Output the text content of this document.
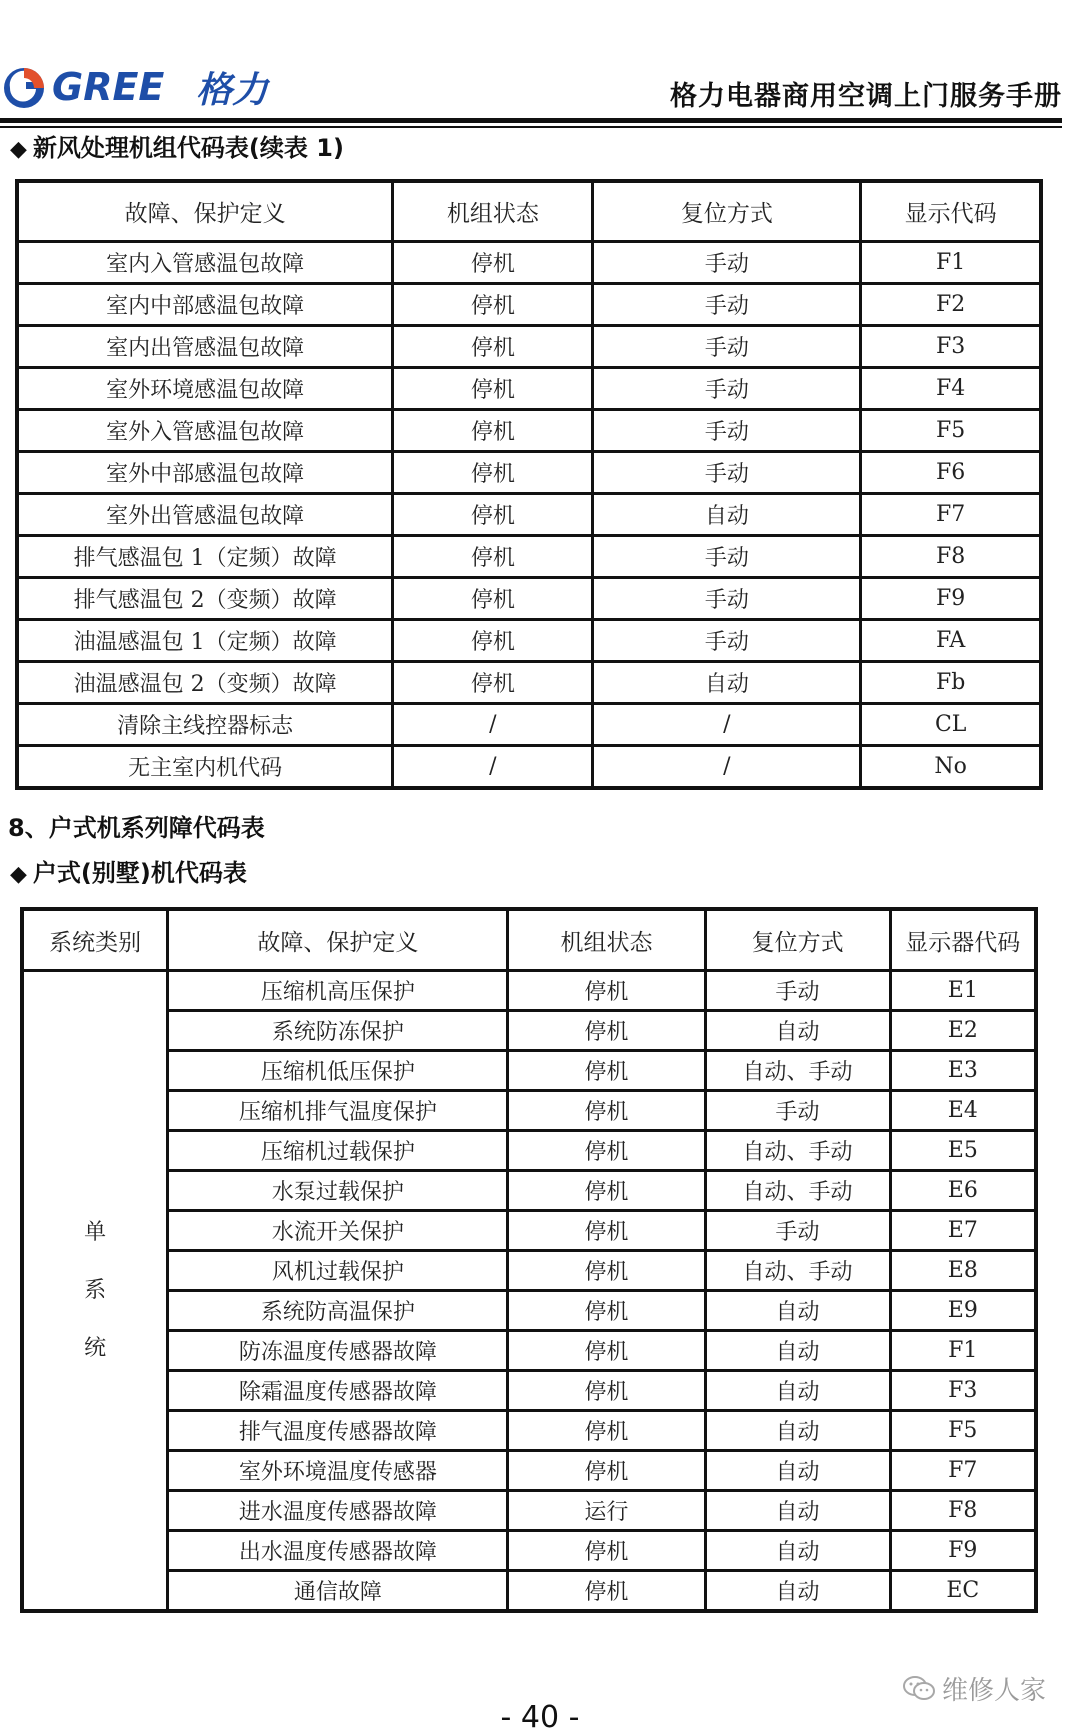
GREE 格力	格力电器商用空调上门服务手册
◆ 新风处理机组代码表(续表 1)
故障、保护定义	机组状态	复位方式	显示代码
室内入管感温包故障	停机	手动	F1
室内中部感温包故障	停机	手动	F2
室内出管感温包故障	停机	手动	F3
室外环境感温包故障	停机	手动	F4
室外入管感温包故障	停机	手动	F5
室外中部感温包故障	停机	手动	F6
室外出管感温包故障	停机	自动	F7
排气感温包 1（定频）故障	停机	手动	F8
排气感温包 2（变频）故障	停机	手动	F9
油温感温包 1（定频）故障	停机	手动	FA
油温感温包 2（变频）故障	停机	自动	Fb
清除主线控器标志	/	/	CL
无主室内机代码	/	/	No
8、户式机系列障代码表
◆ 户式(别墅)机代码表
系统类别	故障、保护定义	机组状态	复位方式	显示器代码

单
系
统	压缩机高压保护	停机	手动	E1
	系统防冻保护	停机	自动	E2
	压缩机低压保护	停机	自动、手动	E3
	压缩机排气温度保护	停机	手动	E4
	压缩机过载保护	停机	自动、手动	E5
	水泵过载保护	停机	自动、手动	E6
	水流开关保护	停机	手动	E7
	风机过载保护	停机	自动、手动	E8
	系统防高温保护	停机	自动	E9
	防冻温度传感器故障	停机	自动	F1
	除霜温度传感器故障	停机	自动	F3
	排气温度传感器故障	停机	自动	F5
	室外环境温度传感器	停机	自动	F7
	进水温度传感器故障	运行	自动	F8
	出水温度传感器故障	停机	自动	F9
	通信故障	停机	自动	EC
维修人家
- 40 -
